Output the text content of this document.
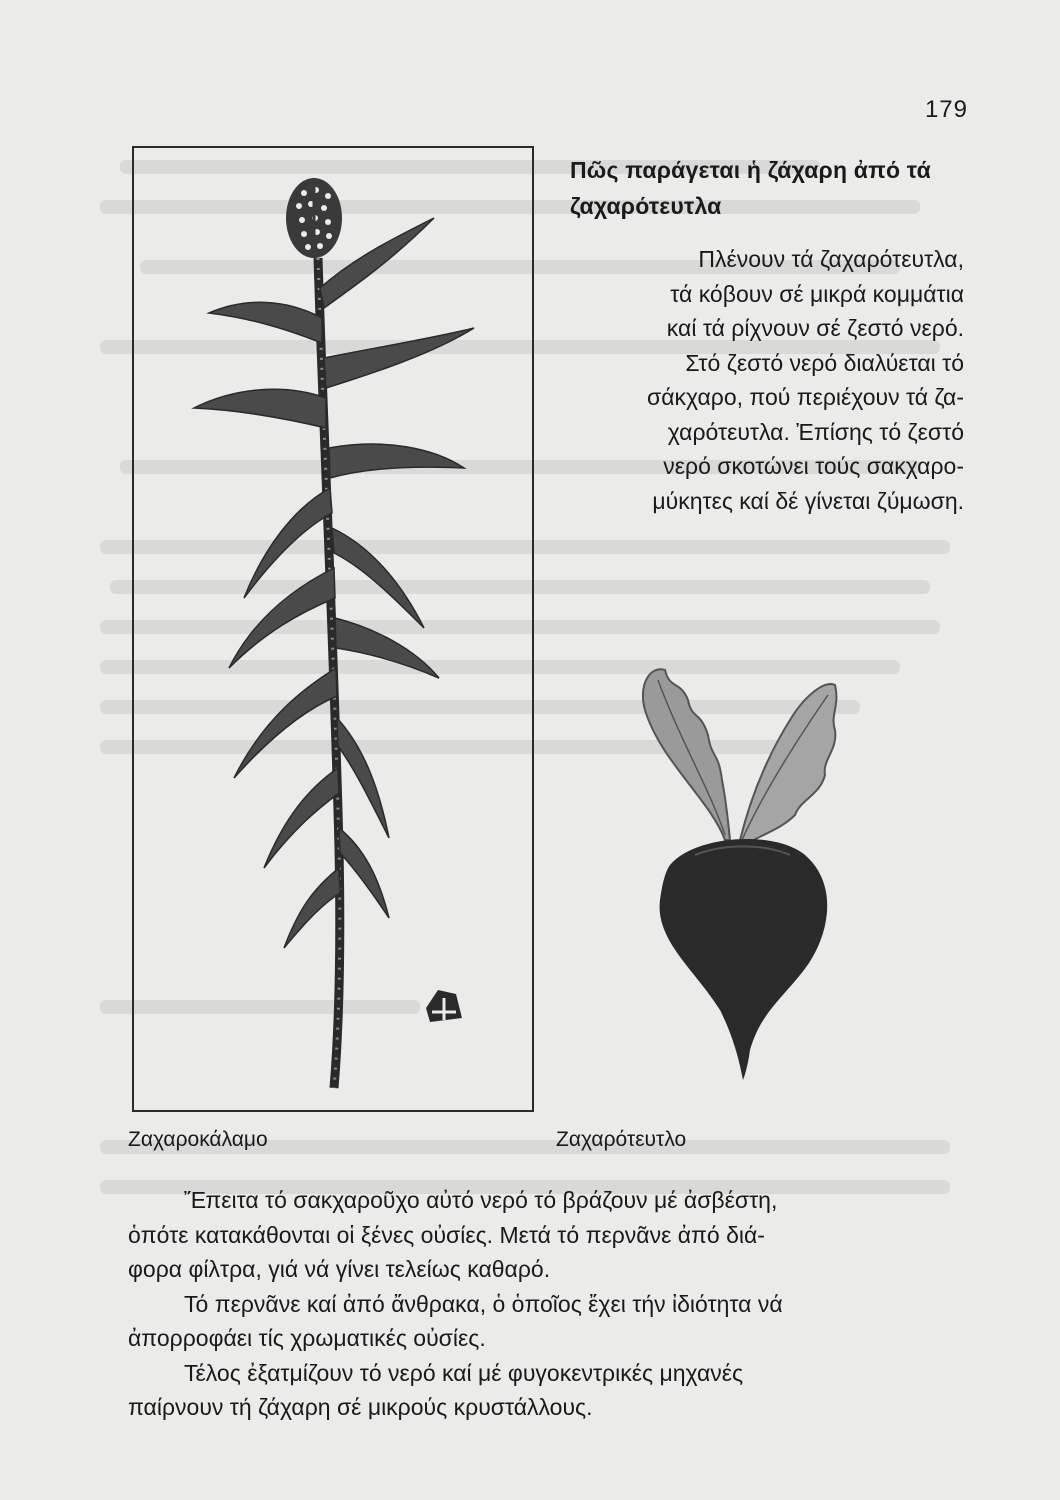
179
Πῶς παράγεται ἡ ζάχαρη ἀπό τά
ζαχαρότευτλα
Πλένουν τά ζαχαρότευτλα,
τά κόβουν σέ μικρά κομμάτια
καί τά ρίχνουν σέ ζεστό νερό.
Στό ζεστό νερό διαλύεται τό
σάκχαρο, πού περιέχουν τά ζα-
χαρότευτλα. Ἐπίσης τό ζεστό
νερό σκοτώνει τούς σακχαρο-
μύκητες καί δέ γίνεται ζύμωση.
Ζαχαροκάλαμο	Ζαχαρότευτλο

Ἔπειτα τό σακχαροῦχο αὐτό νερό τό βράζουν μέ ἀσβέστη,
ὁπότε κατακάθονται οἱ ξένες οὐσίες. Μετά τό περνᾶνε ἀπό διά-
φορα φίλτρα, γιά νά γίνει τελείως καθαρό.

Τό περνᾶνε καί ἀπό ἄνθρακα, ὁ ὁποῖος ἔχει τήν ἰδιότητα νά
ἀπορροφάει τίς χρωματικές οὐσίες.

Τέλος ἐξατμίζουν τό νερό καί μέ φυγοκεντρικές μηχανές
παίρνουν τή ζάχαρη σέ μικρούς κρυστάλλους.
